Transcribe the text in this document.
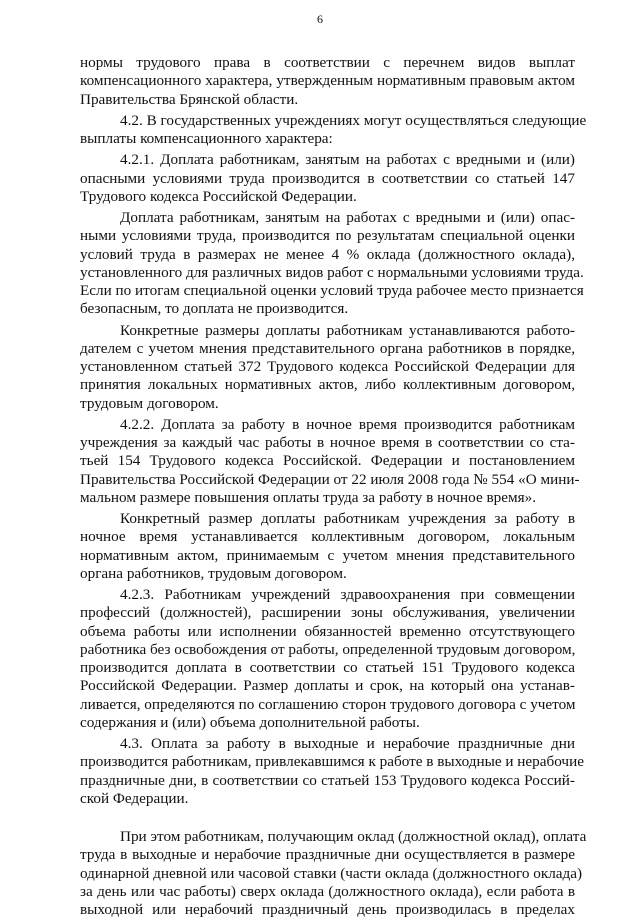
6
нормы трудового права в соответствии с перечнем видов выплат
компенсационного характера, утвержденным нормативным правовым актом
Правительства Брянской области.
4.2. В государственных учреждениях могут осуществляться следующие
выплаты компенсационного характера:
4.2.1. Доплата работникам, занятым на работах с вредными и (или)
опасными условиями труда производится в соответствии со статьей 147
Трудового кодекса Российской Федерации.
Доплата работникам, занятым на работах с вредными и (или) опас-
ными условиями труда, производится по результатам специальной оценки
условий труда в размерах не менее 4 % оклада (должностного оклада),
установленного для различных видов работ с нормальными условиями труда.
Если по итогам специальной оценки условий труда рабочее место признается
безопасным, то доплата не производится.
Конкретные размеры доплаты работникам устанавливаются работо-
дателем с учетом мнения представительного органа работников в порядке,
установленном статьей 372 Трудового кодекса Российской Федерации для
принятия локальных нормативных актов, либо коллективным договором,
трудовым договором.
4.2.2. Доплата за работу в ночное время производится работникам
учреждения за каждый час работы в ночное время в соответствии со ста-
тьей 154 Трудового кодекса Российской. Федерации и постановлением
Правительства Российской Федерации от 22 июля 2008 года № 554 «О мини-
мальном размере повышения оплаты труда за работу в ночное время».
Конкретный размер доплаты работникам учреждения за работу в
ночное время устанавливается коллективным договором, локальным
нормативным актом, принимаемым с учетом мнения представительного
органа работников, трудовым договором.
4.2.3. Работникам учреждений здравоохранения при совмещении
профессий (должностей), расширении зоны обслуживания, увеличении
объема работы или исполнении обязанностей временно отсутствующего
работника без освобождения от работы, определенной трудовым договором,
производится доплата в соответствии со статьей 151 Трудового кодекса
Российской Федерации. Размер доплаты и срок, на который она устанав-
ливается, определяются по соглашению сторон трудового договора с учетом
содержания и (или) объема дополнительной работы.
4.3. Оплата за работу в выходные и нерабочие праздничные дни
производится работникам, привлекавшимся к работе в выходные и нерабочие
праздничные дни, в соответствии со статьей 153 Трудового кодекса Россий-
ской Федерации.
При этом работникам, получающим оклад (должностной оклад), оплата
труда в выходные и нерабочие праздничные дни осуществляется в размере
одинарной дневной или часовой ставки (части оклада (должностного оклада)
за день или час работы) сверх оклада (должностного оклада), если работа в
выходной или нерабочий праздничный день производилась в пределах
